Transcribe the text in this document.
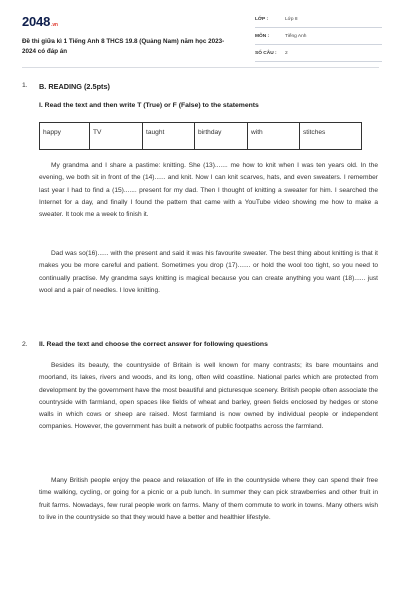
2048.vn
Đề thi giữa kì 1 Tiếng Anh 8 THCS 19.8 (Quảng Nam) năm học 2023-2024 có đáp án
LỚP :	Lớp 8
MÔN :	Tiếng Anh
SỐ CÂU : 2
1. B. READING (2.5pts)
I. Read the text and then write T (True) or F (False) to the statements
happy	TV	taught	birthday	with	stitches

My grandma and I share a pastime: knitting. She (13)....... me how to knit when I was ten years old. In the evening, we both sit in front of the (14)...... and knit. Now I can knit scarves, hats, and even sweaters. I remember last year I had to find a (15)....... present for my dad. Then I thought of knitting a sweater for him. I searched the Internet for a day, and finally I found the pattern that came with a YouTube video showing me how to make a sweater. It took me a week to finish it.

Dad was so(16)...... with the present and said it was his favourite sweater. The best thing about knitting is that it makes you be more careful and patient. Sometimes you drop (17)....... or hold the wool too tight, so you need to continually practise. My grandma says knitting is magical because you can create anything you want (18)...... just wool and a pair of needles. I love knitting.

2. II. Read the text and choose the correct answer for following questions

Besides its beauty, the countryside of Britain is well known for many contrasts; its bare mountains and moorland, its lakes, rivers and woods, and its long, often wild coastline. National parks which are protected from development by the government have the most beautiful and picturesque scenery. British people often associate the countryside with farmland, open spaces like fields of wheat and barley, green fields enclosed by hedges or stone walls in which cows or sheep are raised. Most farmland is now owned by individual people or independent companies. However, the government has built a network of public footpaths across the farmland.

Many British people enjoy the peace and relaxation of life in the countryside where they can spend their free time walking, cycling, or going for a picnic or a pub lunch. In summer they can pick strawberries and other fruit in fruit farms. Nowadays, few rural people work on farms. Many of them commute to work in towns. Many others wish to live in the countryside so that they would have a better and healthier lifestyle.
